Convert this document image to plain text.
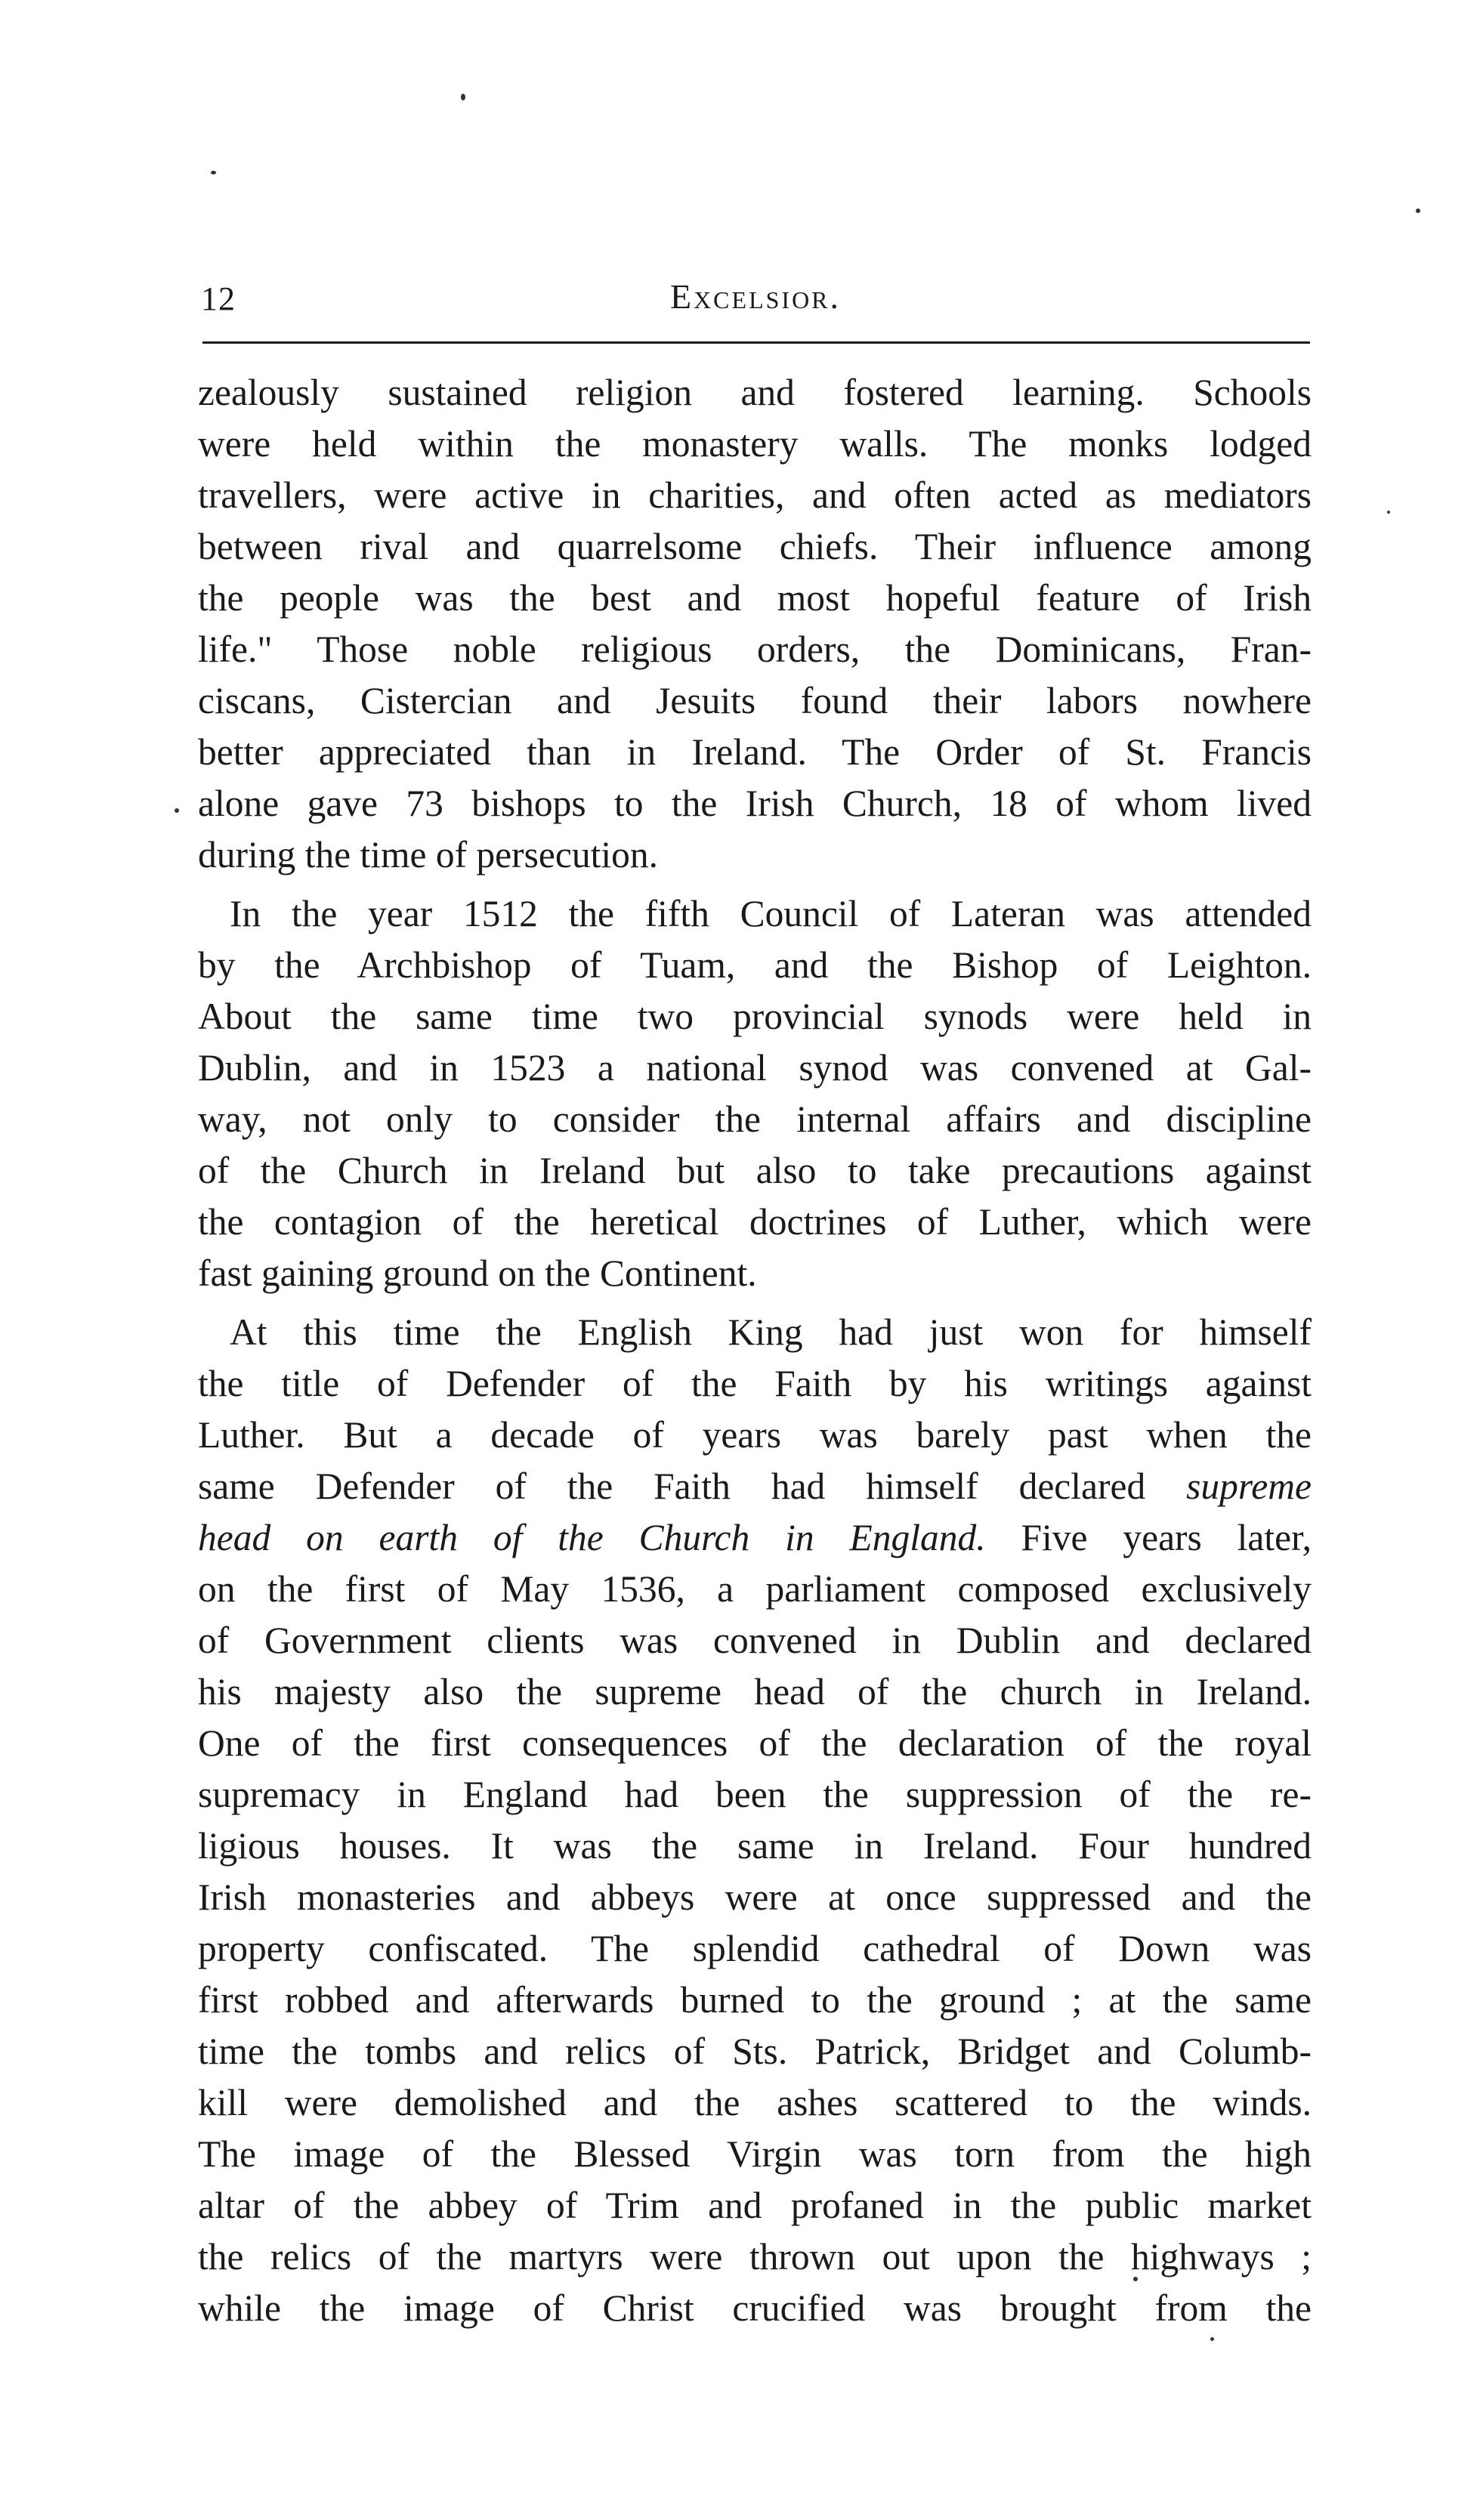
12	Excelsior.
zealously sustained religion and fostered learning. Schools
were held within the monastery walls. The monks lodged
travellers, were active in charities, and often acted as mediators
between rival and quarrelsome chiefs. Their influence among
the people was the best and most hopeful feature of Irish
life." Those noble religious orders, the Dominicans, Fran-
ciscans, Cistercian and Jesuits found their labors nowhere
better appreciated than in Ireland. The Order of St. Francis
alone gave 73 bishops to the Irish Church, 18 of whom lived
during the time of persecution.
In the year 1512 the fifth Council of Lateran was attended
by the Archbishop of Tuam, and the Bishop of Leighton.
About the same time two provincial synods were held in
Dublin, and in 1523 a national synod was convened at Gal-
way, not only to consider the internal affairs and discipline
of the Church in Ireland but also to take precautions against
the contagion of the heretical doctrines of Luther, which were
fast gaining ground on the Continent.
At this time the English King had just won for himself
the title of Defender of the Faith by his writings against
Luther. But a decade of years was barely past when the
same Defender of the Faith had himself declared supreme
head on earth of the Church in England. Five years later,
on the first of May 1536, a parliament composed exclusively
of Government clients was convened in Dublin and declared
his majesty also the supreme head of the church in Ireland.
One of the first consequences of the declaration of the royal
supremacy in England had been the suppression of the re-
ligious houses. It was the same in Ireland. Four hundred
Irish monasteries and abbeys were at once suppressed and the
property confiscated. The splendid cathedral of Down was
first robbed and afterwards burned to the ground ; at the same
time the tombs and relics of Sts. Patrick, Bridget and Columb-
kill were demolished and the ashes scattered to the winds.
The image of the Blessed Virgin was torn from the high
altar of the abbey of Trim and profaned in the public market
the relics of the martyrs were thrown out upon the highways ;
while the image of Christ crucified was brought from the
